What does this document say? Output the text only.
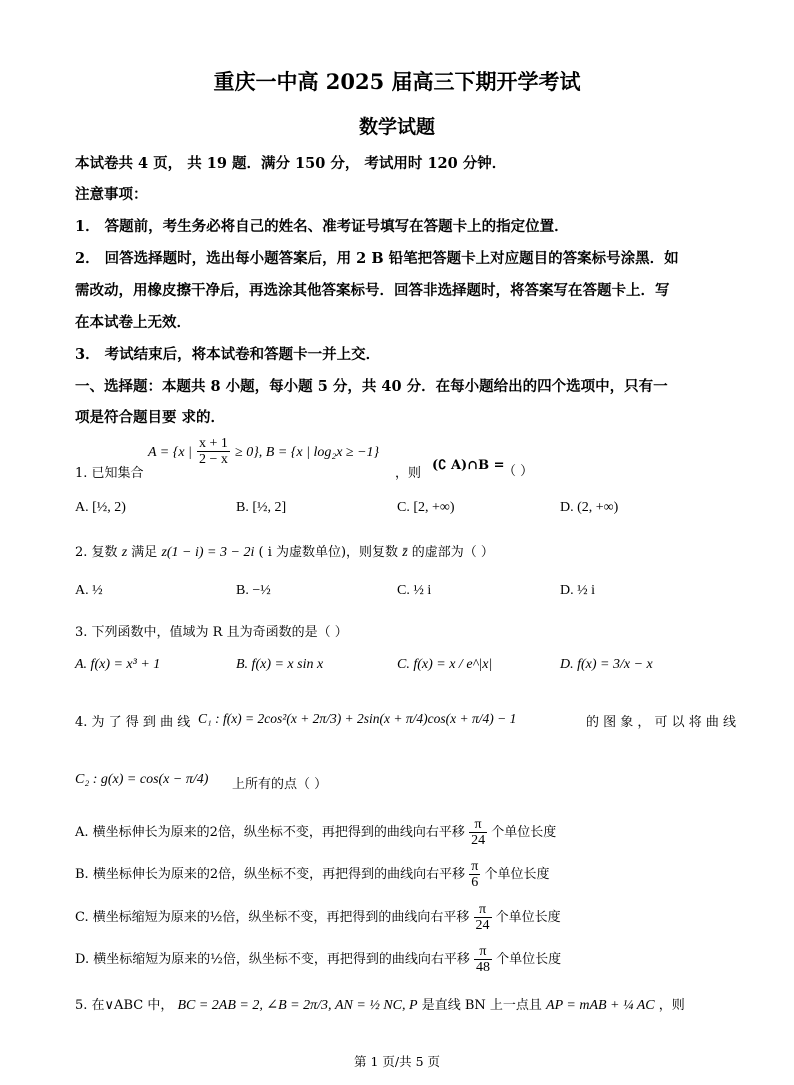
重庆一中高 2025 届高三下期开学考试
数学试题
本试卷共 4 页， 共 19 题．满分 150 分， 考试用时 120 分钟．
注意事项：
1． 答题前，考生务必将自己的姓名、准考证号填写在答题卡上的指定位置．
2． 回答选择题时，选出每小题答案后，用 2 B 铅笔把答题卡上对应题目的答案标号涂黑．如
需改动，用橡皮擦干净后，再选涂其他答案标号．回答非选择题时，将答案写在答题卡上．写
在本试卷上无效．
3． 考试结束后，将本试卷和答题卡一并上交．
一、选择题：本题共 8 小题，每小题 5 分，共 40 分．在每小题给出的四个选项中，只有一
项是符合题目要 求的．
1. 已知集合
A = {x | $\frac{x + 1}{2 - x} \ge 0$}, B = {x | log₂x ≥ −1}
，则
(∁ A)∩B =
（ ）
A. [½, 2)	B. [½, 2]	C. [2, +∞)	D. (2, +∞)
2. 复数 z 满足 z(1 − i) = 3 − 2i ( i 为虚数单位)，则复数 z̄ 的虚部为（ ）
A. ½	B. −½	C. ½ i	D. ½ i
3. 下列函数中，值域为 R 且为奇函数的是（ ）
A. f(x) = x³ + 1	B. f(x) = x sin x	C. f(x) = x / e^|x|	D. f(x) = 3/x − x
4. 为 了 得 到 曲 线 C₁ : f(x) = 2cos²(x + 2π/3) + 2sin(x + π/4)cos(x + π/4) − 1	的 图 象 ， 可 以 将 曲 线
C₂ : g(x) = cos(x − π/4) 上所有的点（ ）
A. 横坐标伸长为原来的2倍，纵坐标不变，再把得到的曲线向右平移 $\frac{\pi}{24}$ 个单位长度
B. 横坐标伸长为原来的2倍，纵坐标不变，再把得到的曲线向右平移 $\frac{\pi}{6}$ 个单位长度
C. 横坐标缩短为原来的½倍，纵坐标不变，再把得到的曲线向右平移 $\frac{\pi}{24}$ 个单位长度
D. 横坐标缩短为原来的½倍，纵坐标不变，再把得到的曲线向右平移 $\frac{\pi}{48}$ 个单位长度
5. 在∨ABC 中， BC = 2AB = 2, ∠B = 2π/3, AN = ½ NC, P 是直线 BN 上一点且 AP = mAB + ¼ AC ，则
第 1 页/共 5 页
